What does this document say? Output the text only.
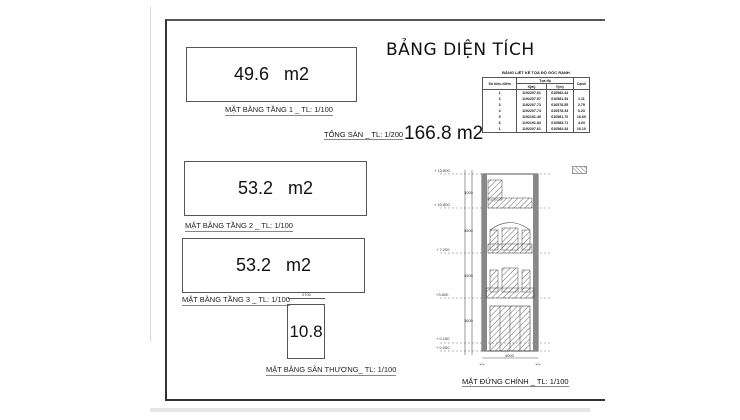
BẢNG DIỆN TÍCH
49.6   m2
MẶT BẰNG TẦNG 1 _ TL: 1/100
TỔNG SÀN _ TL: 1/200 166.8 m2
53.2   m2
MẶT BẰNG TẦNG 2 _ TL: 1/100
53.2   m2
MẶT BẰNG TẦNG 3 _ TL: 1/100
2700
10.8
MẶT BẰNG SÂN THƯỢNG_ TL: 1/100
BẢNG LIỆT KÊ TỌA ĐỘ GÓC RANH
Số hiệu điểm	Tọa độ		Cạnh
	X(m)	Y(m)	
1	1192207.61	610582.44	
2	1192207.57	610581.34	1.11
3	1192207.73	610578.55	2.79
4	1192207.74	610578.33	0.23
5	1192191.49	610581.70	16.60
6	1192191.84	610583.71	4.03
1	1192207.61	610582.44	16.10
+ 13.800
+ 10.800
+ 7.200
+3.600
+ 0.150
+ 0.000
3000
3600
3600
3600
4000
MẶT ĐỨNG CHÍNH _ TL: 1/100
